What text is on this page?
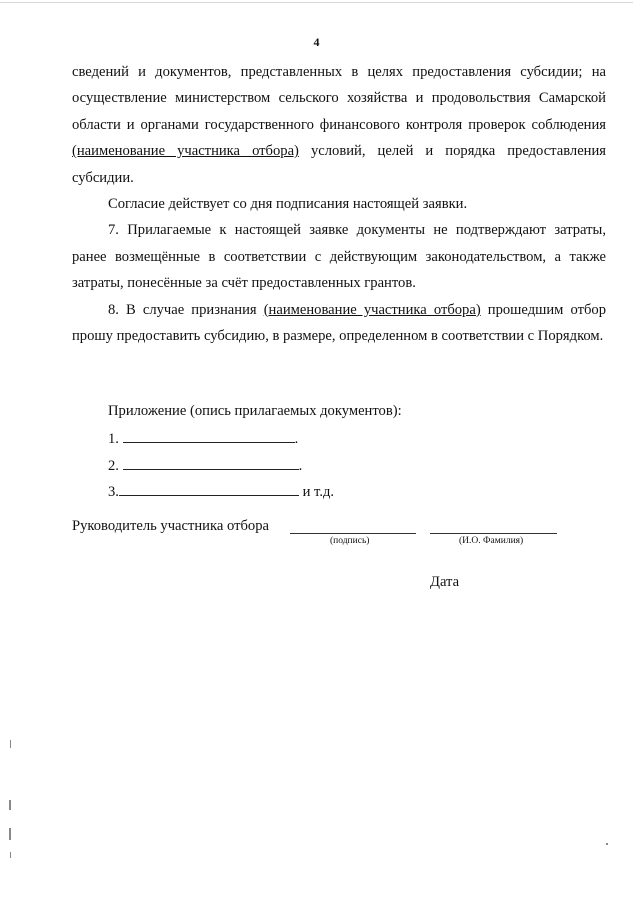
4

сведений и документов, представленных в целях предоставления субсидии; на осуществление министерством сельского хозяйства и продовольствия Самарской области и органами государственного финансового контроля проверок соблюдения (наименование участника отбора) условий, целей и порядка предоставления субсидии.

Согласие действует со дня подписания настоящей заявки.

7. Прилагаемые к настоящей заявке документы не подтверждают затраты, ранее возмещённые в соответствии с действующим законодательством, а также затраты, понесённые за счёт предоставленных грантов.

8. В случае признания (наименование участника отбора) прошедшим отбор прошу предоставить субсидию, в размере, определенном в соответствии с Порядком.

Приложение (опись прилагаемых документов):
1.	.
2.	.
3.	и т.д.
Руководитель участника отбора
(подпись)	(И.О. Фамилия)
Дата
